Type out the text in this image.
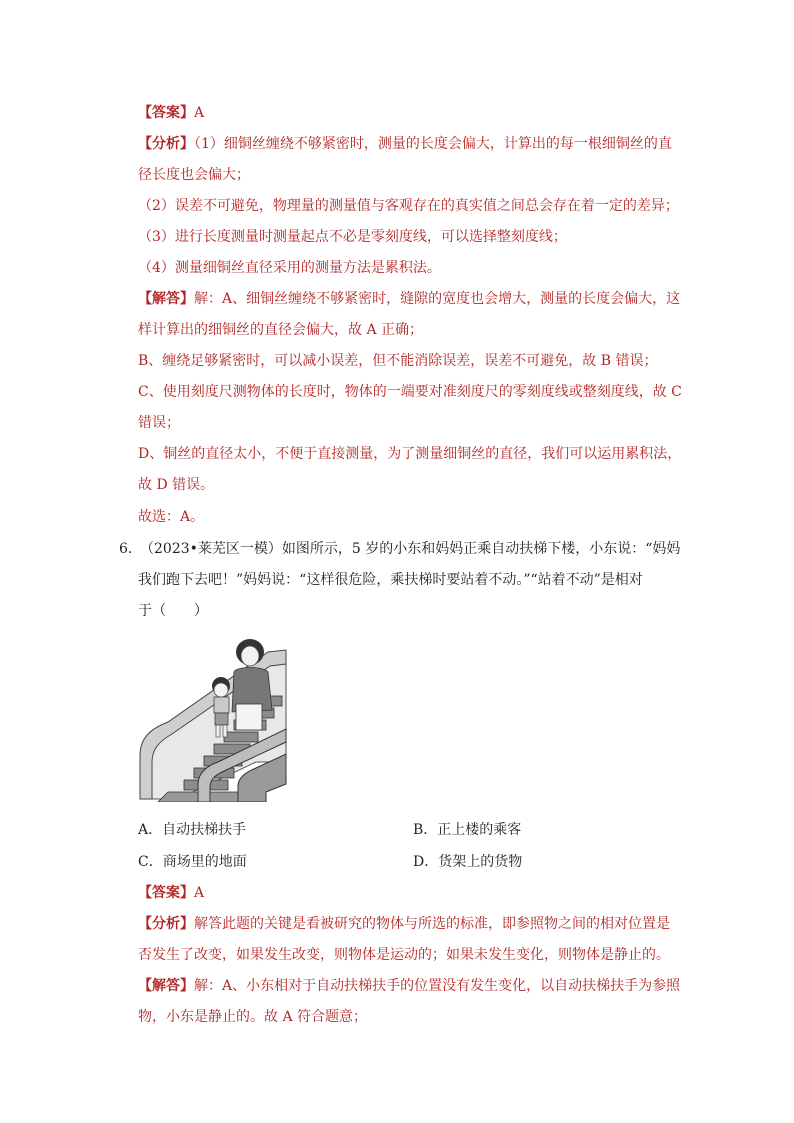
【答案】A
【分析】（1）细铜丝缠绕不够紧密时，测量的长度会偏大，计算出的每一根细铜丝的直
径长度也会偏大；
（2）误差不可避免，物理量的测量值与客观存在的真实值之间总会存在着一定的差异；
（3）进行长度测量时测量起点不必是零刻度线，可以选择整刻度线；
（4）测量细铜丝直径采用的测量方法是累积法。
【解答】解：A、细铜丝缠绕不够紧密时，缝隙的宽度也会增大，测量的长度会偏大，这
样计算出的细铜丝的直径会偏大，故 A 正确；
B、缠绕足够紧密时，可以减小误差，但不能消除误差，误差不可避免，故 B 错误；
C、使用刻度尺测物体的长度时，物体的一端要对准刻度尺的零刻度线或整刻度线，故 C
错误；
D、铜丝的直径太小，不便于直接测量，为了测量细铜丝的直径，我们可以运用累积法，
故 D 错误。
故选：A。
6．
（2023•莱芜区一模）如图所示，5 岁的小东和妈妈正乘自动扶梯下楼，小东说：“妈妈
我们跑下去吧！”妈妈说：“这样很危险，乘扶梯时要站着不动。”“站着不动”是相对
于（　　）
A．自动扶梯扶手	B．正上楼的乘客
C．商场里的地面	D．货架上的货物
【答案】A
【分析】解答此题的关键是看被研究的物体与所选的标准，即参照物之间的相对位置是
否发生了改变，如果发生改变，则物体是运动的；如果未发生变化，则物体是静止的。
【解答】解：A、小东相对于自动扶梯扶手的位置没有发生变化，以自动扶梯扶手为参照
物，小东是静止的。故 A 符合题意；
